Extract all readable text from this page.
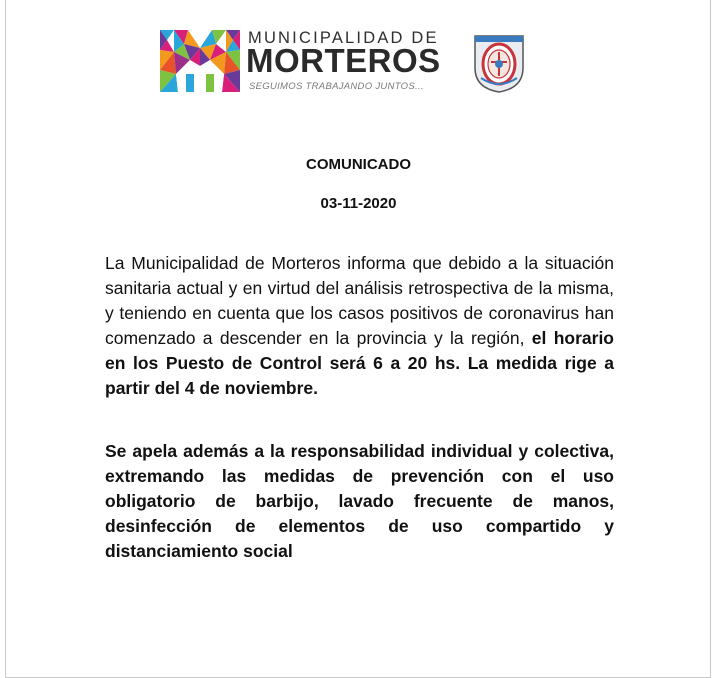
MUNICIPALIDAD DE
MORTEROS
SEGUIMOS TRABAJANDO JUNTOS...
COMUNICADO
03-11-2020
La Municipalidad de Morteros informa que debido a la situación sanitaria actual y en virtud del análisis retrospectiva de la misma, y teniendo en cuenta que los casos positivos de coronavirus han comenzado a descender en la provincia y la región, el horario en los Puesto de Control será 6 a 20 hs. La medida rige a partir del 4 de noviembre.
Se apela además a la responsabilidad individual y colectiva, extremando las medidas de prevención con el uso obligatorio de barbijo, lavado frecuente de manos, desinfección de elementos de uso compartido y distanciamiento social
